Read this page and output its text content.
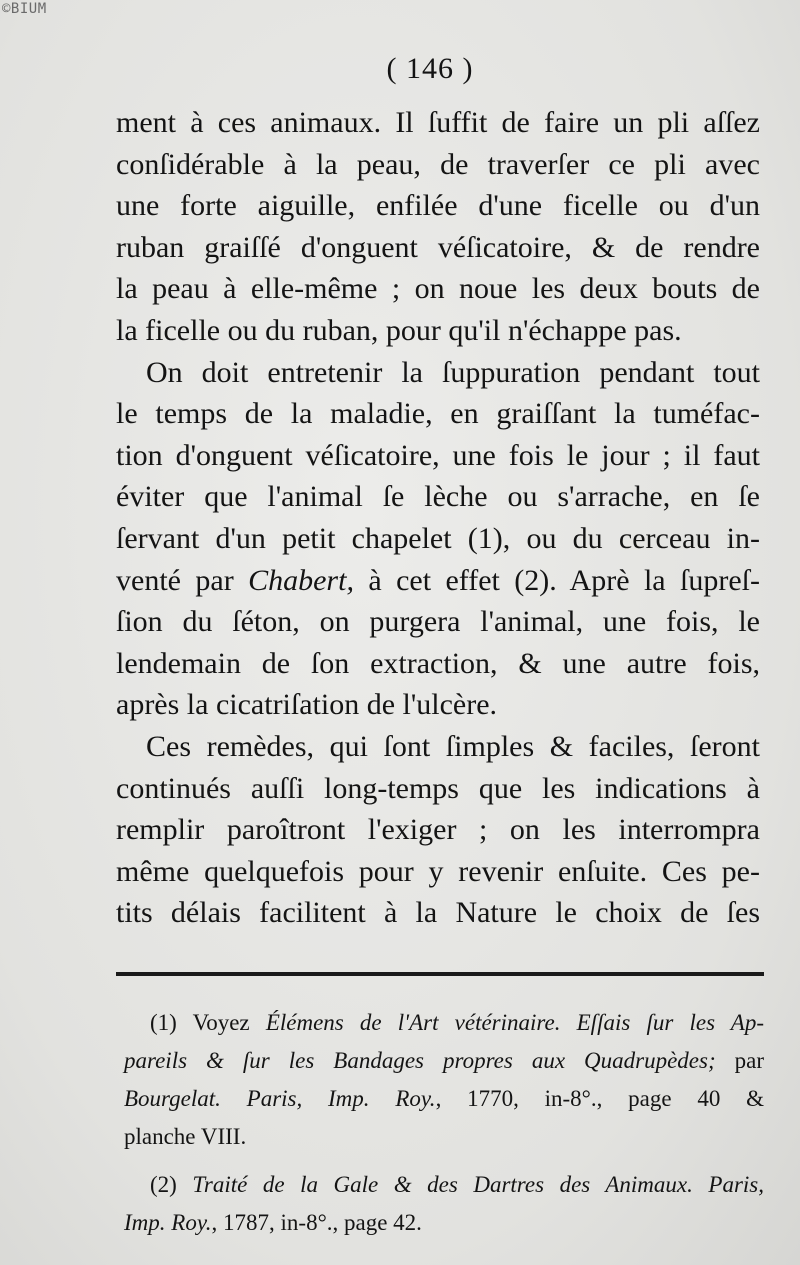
©BIUM
( 146 )
ment à ces animaux. Il ſuffit de faire un pli aſſez
conſidérable à la peau, de traverſer ce pli avec
une forte aiguille, enfilée d'une ficelle ou d'un
ruban graiſſé d'onguent véſicatoire, & de rendre
la peau à elle-même ; on noue les deux bouts de
la ficelle ou du ruban, pour qu'il n'échappe pas.
On doit entretenir la ſuppuration pendant tout
le temps de la maladie, en graiſſant la tuméfac-
tion d'onguent véſicatoire, une fois le jour ; il faut
éviter que l'animal ſe lèche ou s'arrache, en ſe
ſervant d'un petit chapelet (1), ou du cerceau in-
venté par Chabert, à cet effet (2). Aprè la ſupreſ-
ſion du ſéton, on purgera l'animal, une fois, le
lendemain de ſon extraction, & une autre fois,
après la cicatriſation de l'ulcère.
Ces remèdes, qui ſont ſimples & faciles, ſeront
continués auſſi long-temps que les indications à
remplir paroîtront l'exiger ; on les interrompra
même quelquefois pour y revenir enſuite. Ces pe-
tits délais facilitent à la Nature le choix de ſes
(1) Voyez Élémens de l'Art vétérinaire. Eſſais ſur les Ap-
pareils & ſur les Bandages propres aux Quadrupèdes; par
Bourgelat. Paris, Imp. Roy., 1770, in-8°., page 40 &
planche VIII.
(2) Traité de la Gale & des Dartres des Animaux. Paris,
Imp. Roy., 1787, in-8°., page 42.
